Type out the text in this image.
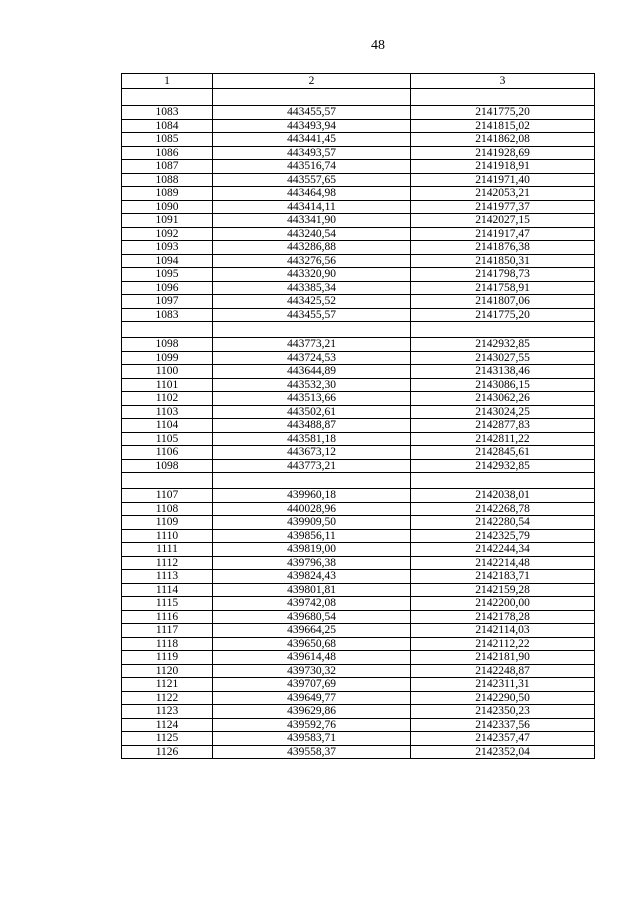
48
1	2	3

1083	443455,57	2141775,20
1084	443493,94	2141815,02
1085	443441,45	2141862,08
1086	443493,57	2141928,69
1087	443516,74	2141918,91
1088	443557,65	2141971,40
1089	443464,98	2142053,21
1090	443414,11	2141977,37
1091	443341,90	2142027,15
1092	443240,54	2141917,47
1093	443286,88	2141876,38
1094	443276,56	2141850,31
1095	443320,90	2141798,73
1096	443385,34	2141758,91
1097	443425,52	2141807,06
1083	443455,57	2141775,20

1098	443773,21	2142932,85
1099	443724,53	2143027,55
1100	443644,89	2143138,46
1101	443532,30	2143086,15
1102	443513,66	2143062,26
1103	443502,61	2143024,25
1104	443488,87	2142877,83
1105	443581,18	2142811,22
1106	443673,12	2142845,61
1098	443773,21	2142932,85

1107	439960,18	2142038,01
1108	440028,96	2142268,78
1109	439909,50	2142280,54
1110	439856,11	2142325,79
1111	439819,00	2142244,34
1112	439796,38	2142214,48
1113	439824,43	2142183,71
1114	439801,81	2142159,28
1115	439742,08	2142200,00
1116	439680,54	2142178,28
1117	439664,25	2142114,03
1118	439650,68	2142112,22
1119	439614,48	2142181,90
1120	439730,32	2142248,87
1121	439707,69	2142311,31
1122	439649,77	2142290,50
1123	439629,86	2142350,23
1124	439592,76	2142337,56
1125	439583,71	2142357,47
1126	439558,37	2142352,04
